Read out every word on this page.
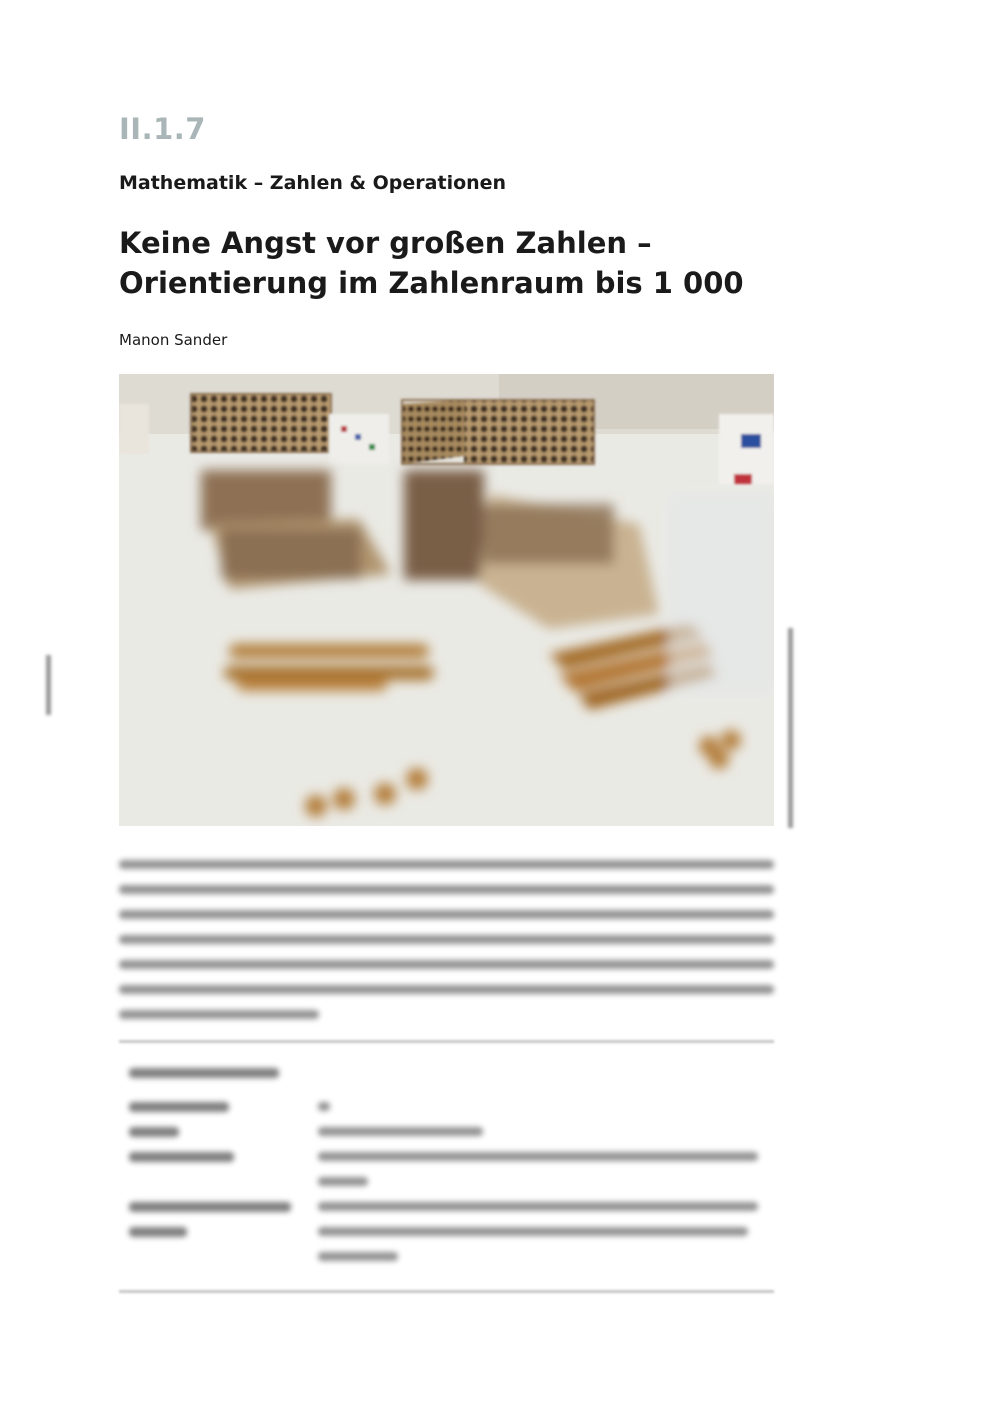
II.1.7
Mathematik – Zahlen & Operationen
Keine Angst vor großen Zahlen –
Orientierung im Zahlenraum bis 1 000
Manon Sander
